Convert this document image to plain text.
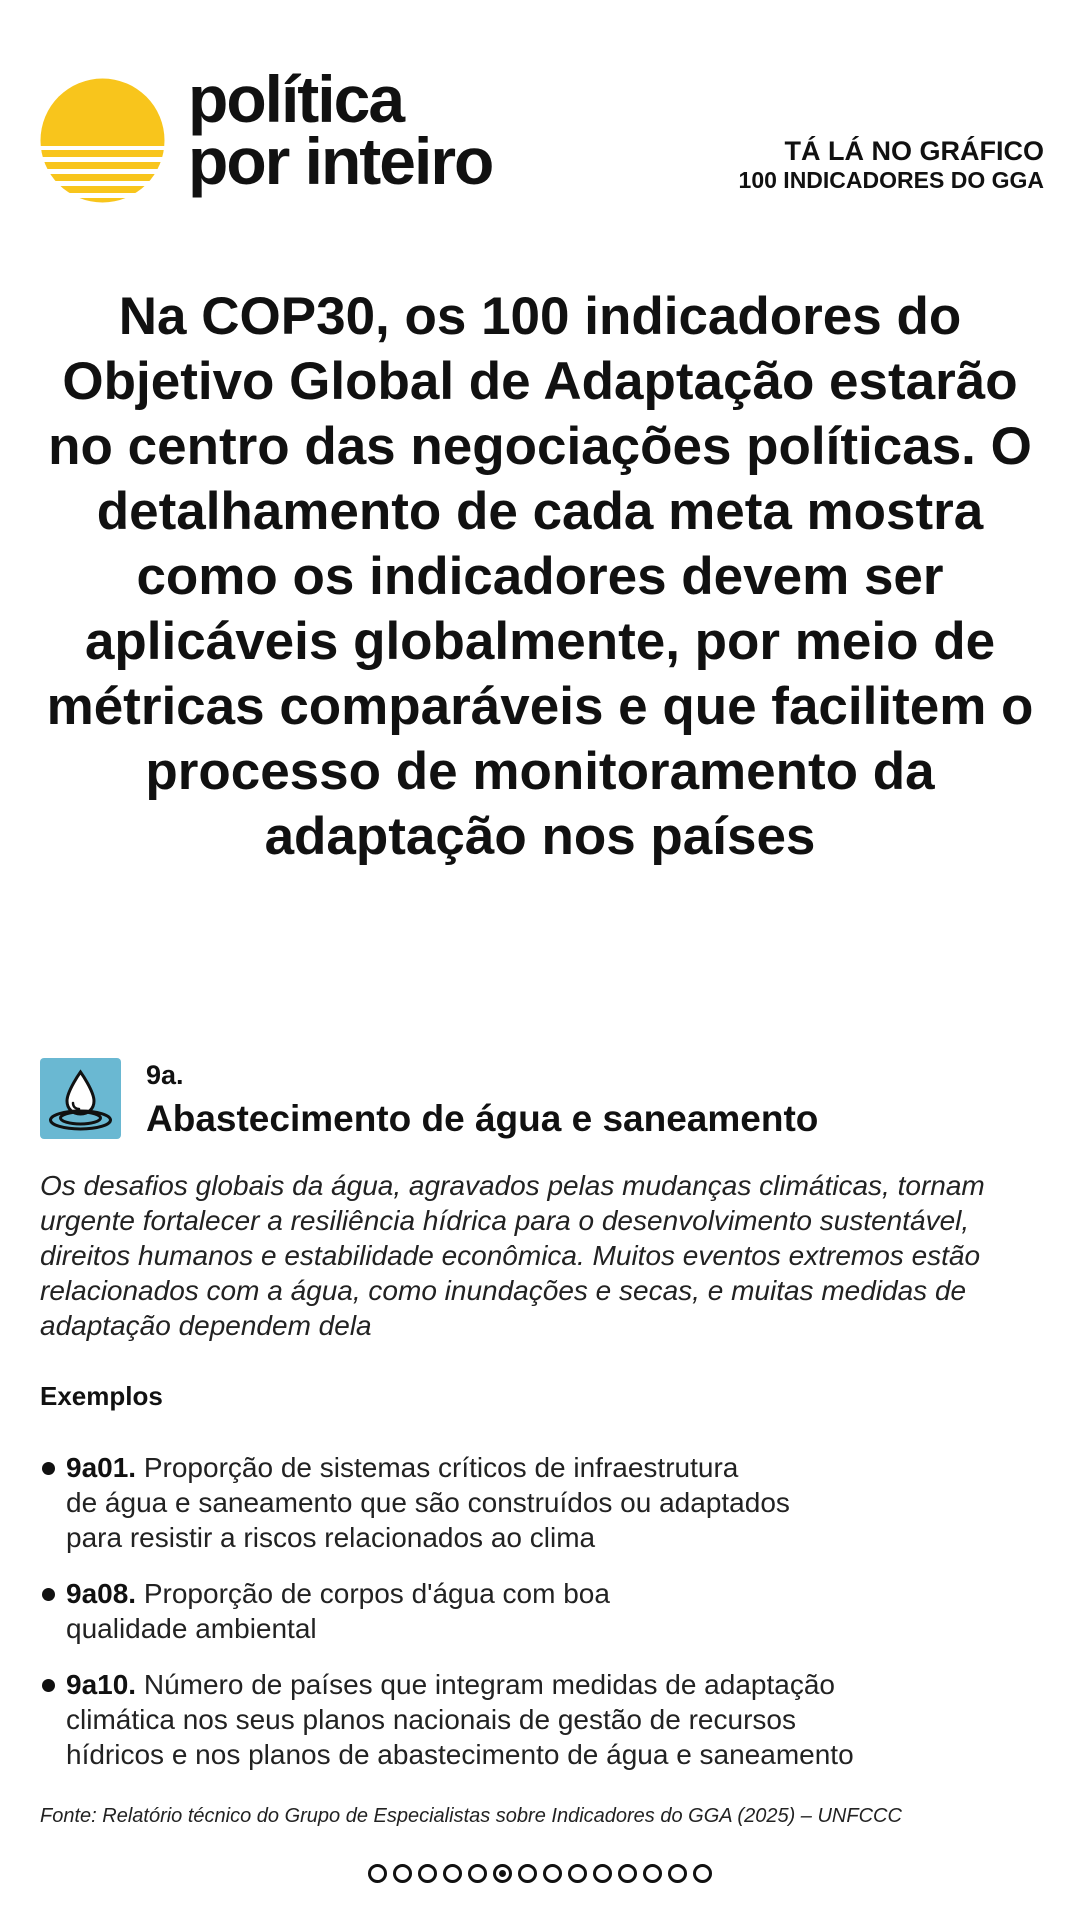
política
por inteiro	TÁ LÁ NO GRÁFICO
100 INDICADORES DO GGA
Na COP30, os 100 indicadores do Objetivo Global de Adaptação estarão no centro das negociações políticas. O detalhamento de cada meta mostra como os indicadores devem ser aplicáveis globalmente, por meio de métricas comparáveis e que facilitem o processo de monitoramento da adaptação nos países
9a.
Abastecimento de água e saneamento
Os desafios globais da água, agravados pelas mudanças climáticas, tornam urgente fortalecer a resiliência hídrica para o desenvolvimento sustentável, direitos humanos e estabilidade econômica. Muitos eventos extremos estão relacionados com a água, como inundações e secas, e muitas medidas de adaptação dependem dela
Exemplos
9a01. Proporção de sistemas críticos de infraestrutura
de água e saneamento que são construídos ou adaptados
para resistir a riscos relacionados ao clima
9a08. Proporção de corpos d'água com boa
qualidade ambiental
9a10. Número de países que integram medidas de adaptação
climática nos seus planos nacionais de gestão de recursos
hídricos e nos planos de abastecimento de água e saneamento
Fonte: Relatório técnico do Grupo de Especialistas sobre Indicadores do GGA (2025) – UNFCCC
